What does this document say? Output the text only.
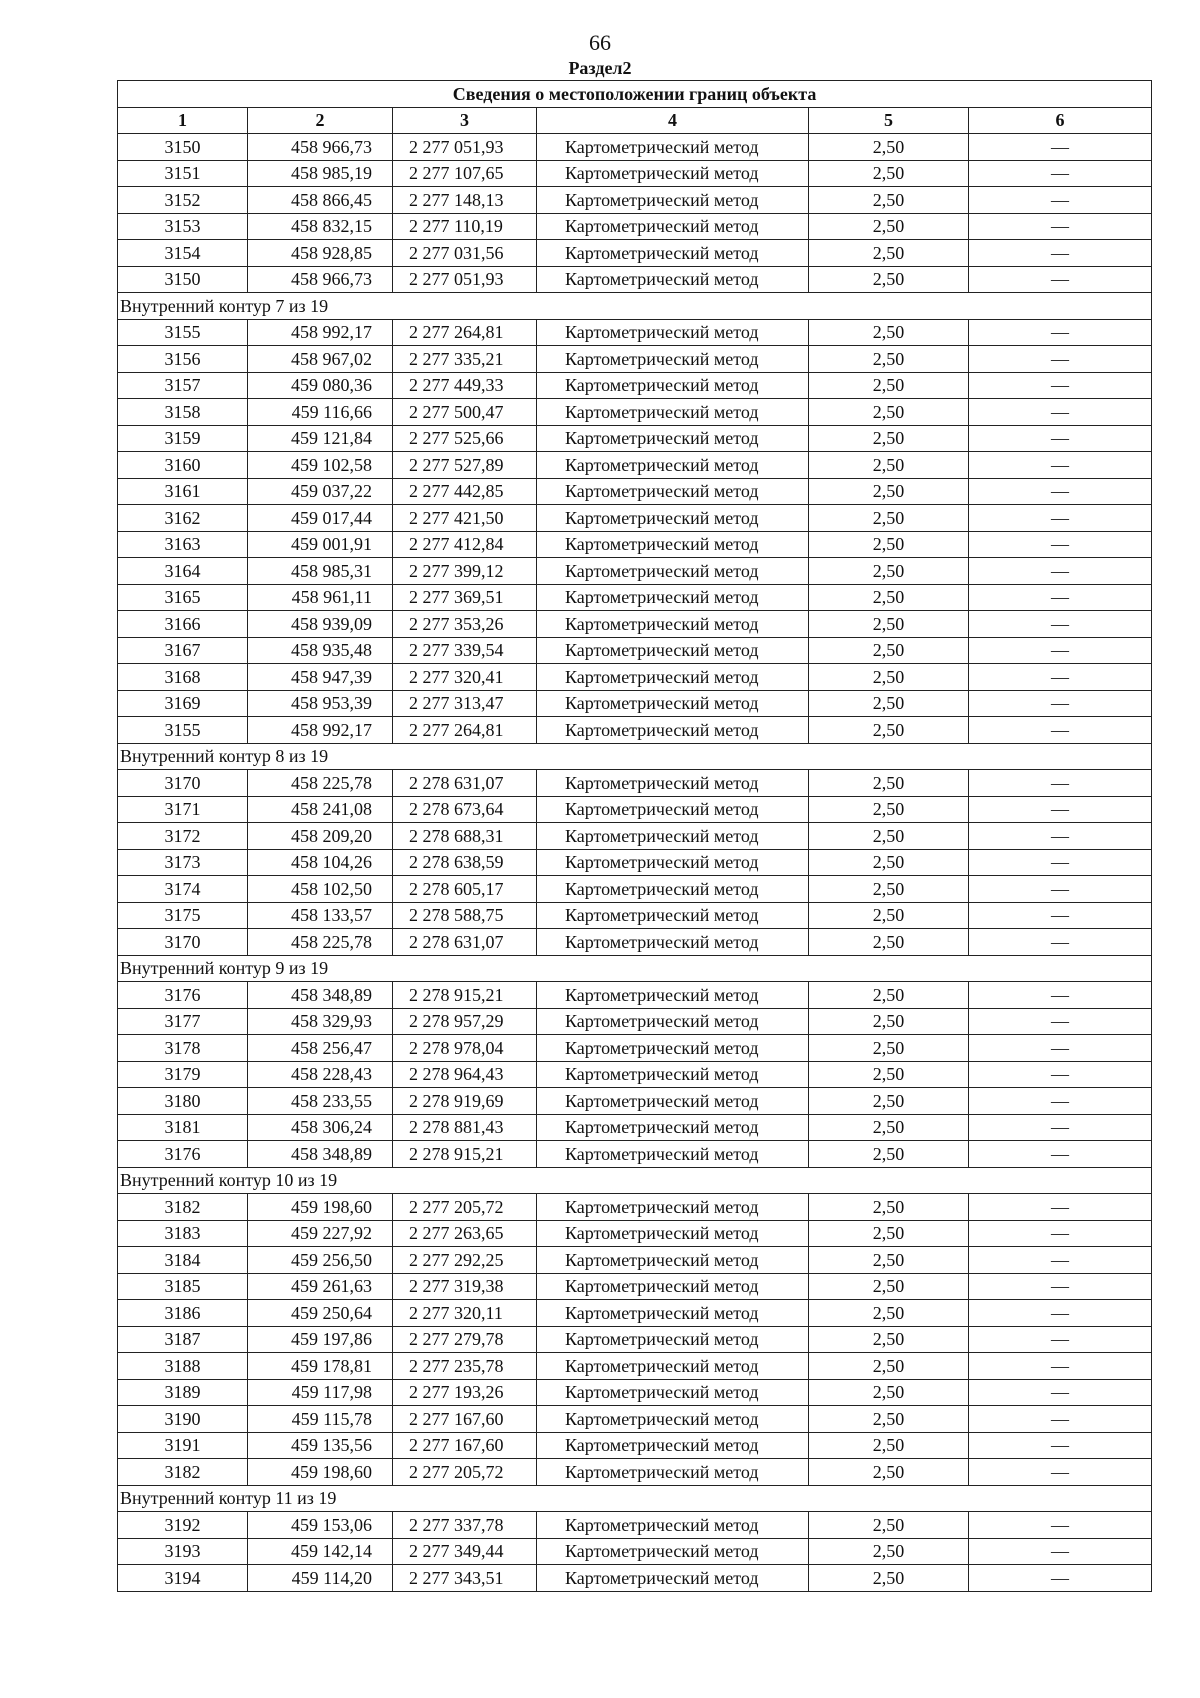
66
Раздел2
Сведения о местоположении границ объекта					
1	2	3	4	5	6
3150	458 966,73	2 277 051,93	Картометрический метод	2,50	—
3151	458 985,19	2 277 107,65	Картометрический метод	2,50	—
3152	458 866,45	2 277 148,13	Картометрический метод	2,50	—
3153	458 832,15	2 277 110,19	Картометрический метод	2,50	—
3154	458 928,85	2 277 031,56	Картометрический метод	2,50	—
3150	458 966,73	2 277 051,93	Картометрический метод	2,50	—
Внутренний контур 7 из 19					
3155	458 992,17	2 277 264,81	Картометрический метод	2,50	—
3156	458 967,02	2 277 335,21	Картометрический метод	2,50	—
3157	459 080,36	2 277 449,33	Картометрический метод	2,50	—
3158	459 116,66	2 277 500,47	Картометрический метод	2,50	—
3159	459 121,84	2 277 525,66	Картометрический метод	2,50	—
3160	459 102,58	2 277 527,89	Картометрический метод	2,50	—
3161	459 037,22	2 277 442,85	Картометрический метод	2,50	—
3162	459 017,44	2 277 421,50	Картометрический метод	2,50	—
3163	459 001,91	2 277 412,84	Картометрический метод	2,50	—
3164	458 985,31	2 277 399,12	Картометрический метод	2,50	—
3165	458 961,11	2 277 369,51	Картометрический метод	2,50	—
3166	458 939,09	2 277 353,26	Картометрический метод	2,50	—
3167	458 935,48	2 277 339,54	Картометрический метод	2,50	—
3168	458 947,39	2 277 320,41	Картометрический метод	2,50	—
3169	458 953,39	2 277 313,47	Картометрический метод	2,50	—
3155	458 992,17	2 277 264,81	Картометрический метод	2,50	—
Внутренний контур 8 из 19					
3170	458 225,78	2 278 631,07	Картометрический метод	2,50	—
3171	458 241,08	2 278 673,64	Картометрический метод	2,50	—
3172	458 209,20	2 278 688,31	Картометрический метод	2,50	—
3173	458 104,26	2 278 638,59	Картометрический метод	2,50	—
3174	458 102,50	2 278 605,17	Картометрический метод	2,50	—
3175	458 133,57	2 278 588,75	Картометрический метод	2,50	—
3170	458 225,78	2 278 631,07	Картометрический метод	2,50	—
Внутренний контур 9 из 19					
3176	458 348,89	2 278 915,21	Картометрический метод	2,50	—
3177	458 329,93	2 278 957,29	Картометрический метод	2,50	—
3178	458 256,47	2 278 978,04	Картометрический метод	2,50	—
3179	458 228,43	2 278 964,43	Картометрический метод	2,50	—
3180	458 233,55	2 278 919,69	Картометрический метод	2,50	—
3181	458 306,24	2 278 881,43	Картометрический метод	2,50	—
3176	458 348,89	2 278 915,21	Картометрический метод	2,50	—
Внутренний контур 10 из 19					
3182	459 198,60	2 277 205,72	Картометрический метод	2,50	—
3183	459 227,92	2 277 263,65	Картометрический метод	2,50	—
3184	459 256,50	2 277 292,25	Картометрический метод	2,50	—
3185	459 261,63	2 277 319,38	Картометрический метод	2,50	—
3186	459 250,64	2 277 320,11	Картометрический метод	2,50	—
3187	459 197,86	2 277 279,78	Картометрический метод	2,50	—
3188	459 178,81	2 277 235,78	Картометрический метод	2,50	—
3189	459 117,98	2 277 193,26	Картометрический метод	2,50	—
3190	459 115,78	2 277 167,60	Картометрический метод	2,50	—
3191	459 135,56	2 277 167,60	Картометрический метод	2,50	—
3182	459 198,60	2 277 205,72	Картометрический метод	2,50	—
Внутренний контур 11 из 19					
3192	459 153,06	2 277 337,78	Картометрический метод	2,50	—
3193	459 142,14	2 277 349,44	Картометрический метод	2,50	—
3194	459 114,20	2 277 343,51	Картометрический метод	2,50	—
